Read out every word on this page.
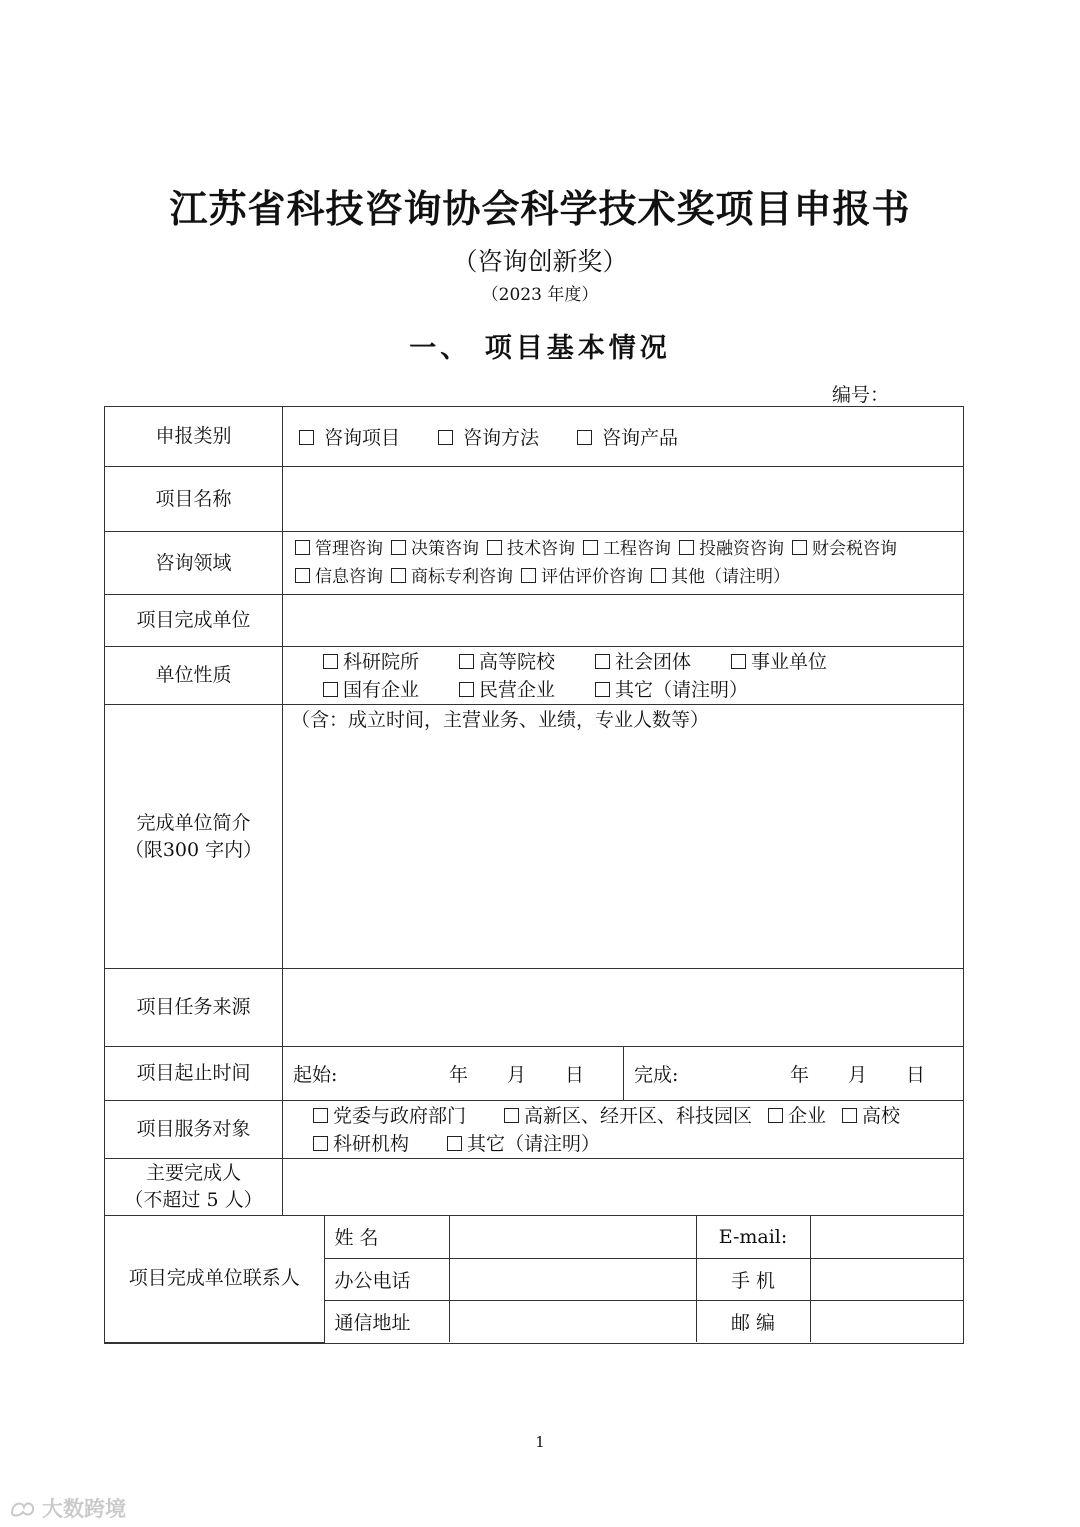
江苏省科技咨询协会科学技术奖项目申报书
（咨询创新奖）
（2023 年度）
一、 项目基本情况
编号：
申报类别	咨询项目	咨询方法	咨询产品
项目名称	
咨询领域	
管理咨询 决策咨询 技术咨询 工程咨询 投融资咨询 财会税咨询
信息咨询 商标专利咨询 评估评价咨询 其他（请注明）

项目完成单位	
单位性质	
科研院所	高等院校	社会团体	事业单位
国有企业	民营企业	其它（请注明）

完成单位简介
（限300 字内）

（含：成立时间，主营业务、业绩，专业人数等）

项目任务来源	
项目起止时间	起始:	年	月	日	完成:	年	月	日

项目服务对象	
党委与政府部门	高新区、经开区、科技园区 企业 高校
科研机构	其它（请注明）

主要完成人
（不超过 5 人）

项目完成单位联系人	姓 名		E-mail:	
办公电话		手 机	
通信地址		邮 编	
1
大数跨境
